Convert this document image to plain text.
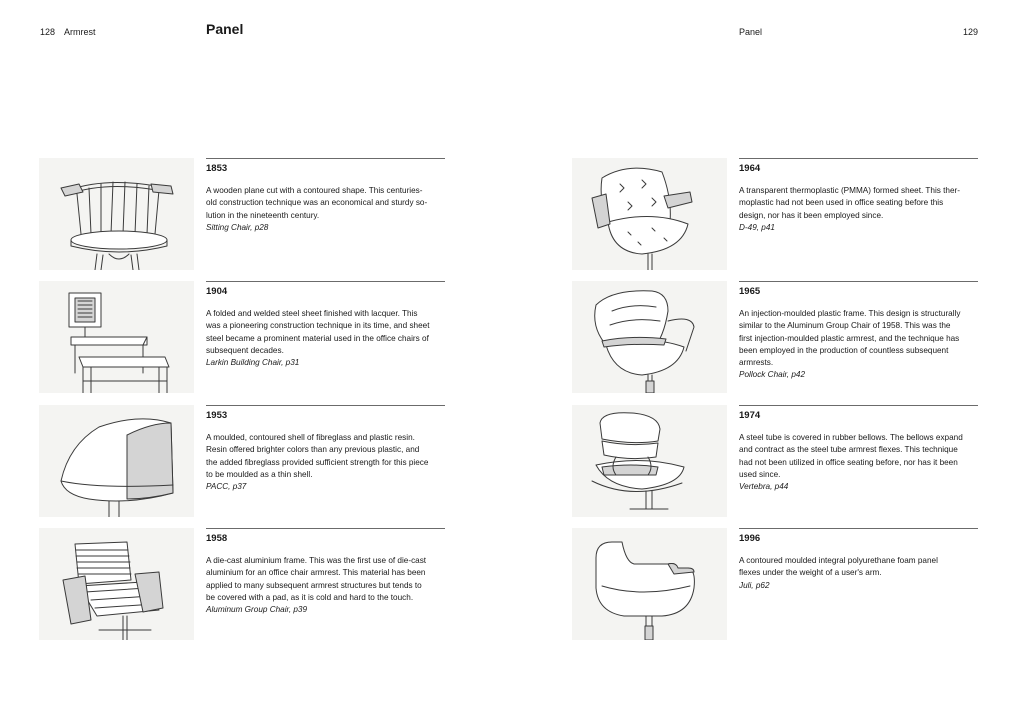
128 Armrest	Panel	Panel	129
1853
A wooden plane cut with a contoured shape. This centuries-
old construction technique was an economical and sturdy so-
lution in the nineteenth century.
Sitting Chair, p28
1904
A folded and welded steel sheet finished with lacquer. This
was a pioneering construction technique in its time, and sheet
steel became a prominent material used in the office chairs of
subsequent decades.
Larkin Building Chair, p31
1953
A moulded, contoured shell of fibreglass and plastic resin.
Resin offered brighter colors than any previous plastic, and
the added fibreglass provided sufficient strength for this piece
to be moulded as a thin shell.
PACC, p37
1958
A die-cast aluminium frame. This was the first use of die-cast
aluminium for an office chair armrest. This material has been
applied to many subsequent armrest structures but tends to
be covered with a pad, as it is cold and hard to the touch.
Aluminum Group Chair, p39
1964
A transparent thermoplastic (PMMA) formed sheet. This ther-
moplastic had not been used in office seating before this
design, nor has it been employed since.
D-49, p41
1965
An injection-moulded plastic frame. This design is structurally
similar to the Aluminum Group Chair of 1958. This was the
first injection-moulded plastic armrest, and the technique has
been employed in the production of countless subsequent
armrests.
Pollock Chair, p42
1974
A steel tube is covered in rubber bellows. The bellows expand
and contract as the steel tube armrest flexes. This technique
had not been utilized in office seating before, nor has it been
used since.
Vertebra, p44
1996
A contoured moulded integral polyurethane foam panel
flexes under the weight of a user's arm.
Juli, p62
